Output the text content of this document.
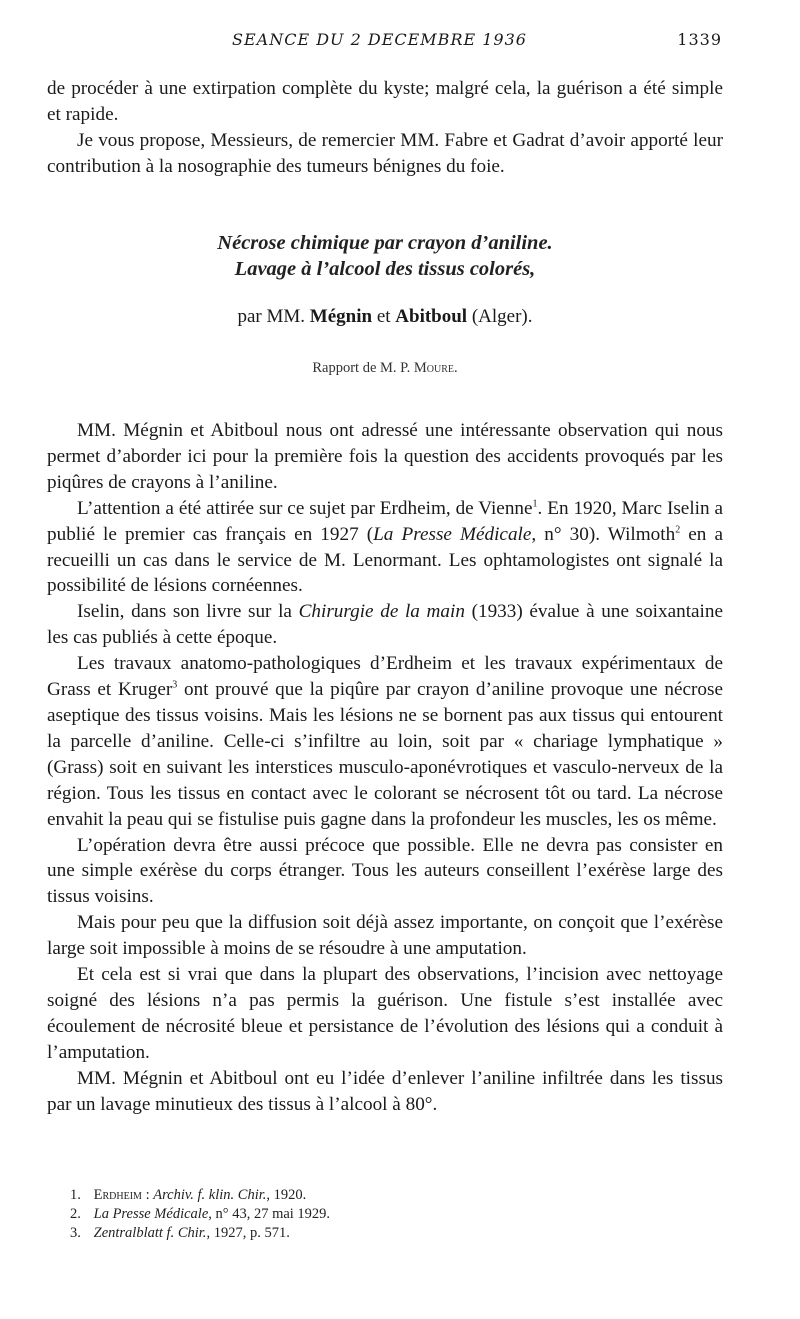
SEANCE DU 2 DECEMBRE 1936	1339

de procéder à une extirpation complète du kyste; malgré cela, la guérison a été simple et rapide.

Je vous propose, Messieurs, de remercier MM. Fabre et Gadrat d’avoir apporté leur contribution à la nosographie des tumeurs bénignes du foie.

Nécrose chimique par crayon d’aniline.
Lavage à l’alcool des tissus colorés,
par MM. Mégnin et Abitboul (Alger).
Rapport de M. P. Moure.

MM. Mégnin et Abitboul nous ont adressé une intéressante observation qui nous permet d’aborder ici pour la première fois la question des accidents provoqués par les piqûres de crayons à l’aniline.

L’attention a été attirée sur ce sujet par Erdheim, de Vienne$^1$. En 1920, Marc Iselin a publié le premier cas français en 1927 (La Presse Médicale, n° 30). Wilmoth$^2$ en a recueilli un cas dans le service de M. Lenormant. Les ophtamologistes ont signalé la possibilité de lésions cornéennes.

Iselin, dans son livre sur la Chirurgie de la main (1933) évalue à une soixantaine les cas publiés à cette époque.

Les travaux anatomo-pathologiques d’Erdheim et les travaux expérimentaux de Grass et Kruger$^3$ ont prouvé que la piqûre par crayon d’aniline provoque une nécrose aseptique des tissus voisins. Mais les lésions ne se bornent pas aux tissus qui entourent la parcelle d’aniline. Celle-ci s’infiltre au loin, soit par « chariage lymphatique » (Grass) soit en suivant les interstices musculo-aponévrotiques et vasculo-nerveux de la région. Tous les tissus en contact avec le colorant se nécrosent tôt ou tard. La nécrose envahit la peau qui se fistulise puis gagne dans la profondeur les muscles, les os même.

L’opération devra être aussi précoce que possible. Elle ne devra pas consister en une simple exérèse du corps étranger. Tous les auteurs conseillent l’exérèse large des tissus voisins.

Mais pour peu que la diffusion soit déjà assez importante, on conçoit que l’exérèse large soit impossible à moins de se résoudre à une amputation.

Et cela est si vrai que dans la plupart des observations, l’incision avec nettoyage soigné des lésions n’a pas permis la guérison. Une fistule s’est installée avec écoulement de nécrosité bleue et persistance de l’évolution des lésions qui a conduit à l’amputation.

MM. Mégnin et Abitboul ont eu l’idée d’enlever l’aniline infiltrée dans les tissus par un lavage minutieux des tissus à l’alcool à 80°.

1. Erdheim : Archiv. f. klin. Chir., 1920.
2. La Presse Médicale, n° 43, 27 mai 1929.
3. Zentralblatt f. Chir., 1927, p. 571.
